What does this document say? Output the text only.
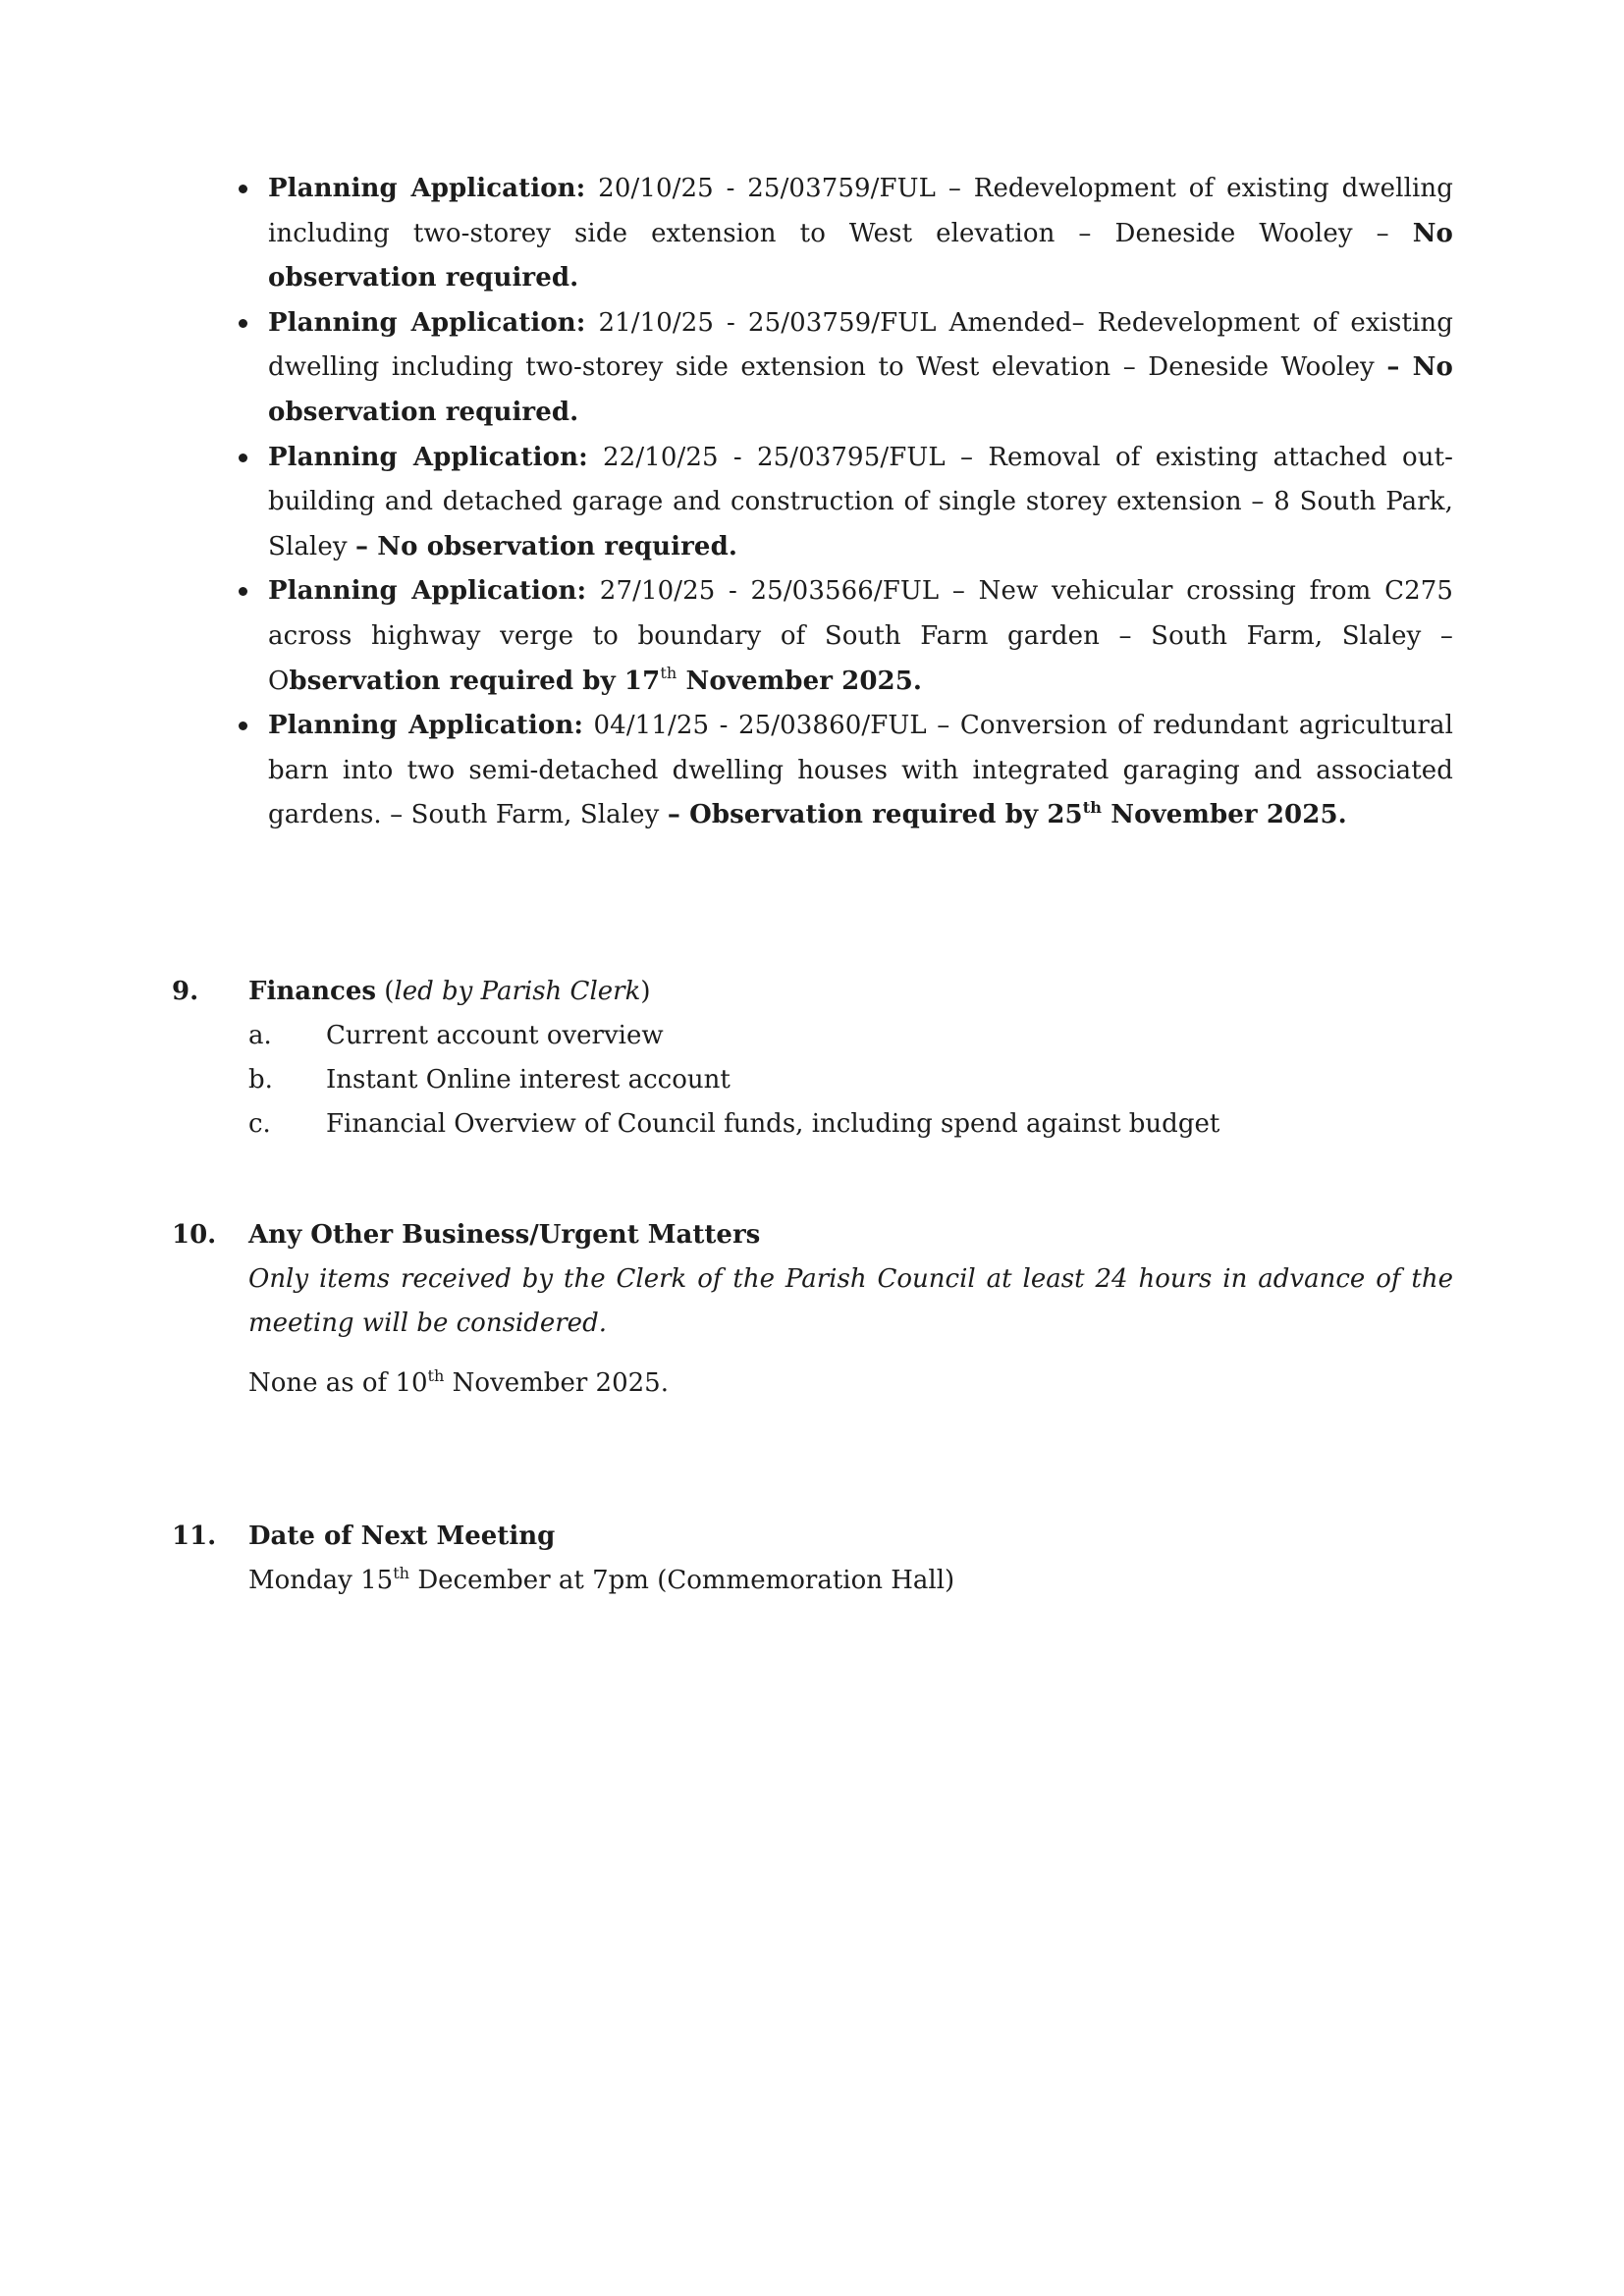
Planning Application: 20/10/25 - 25/03759/FUL – Redevelopment of existing dwelling including two-storey side extension to West elevation – Deneside Wooley – No observation required.
Planning Application: 21/10/25 - 25/03759/FUL Amended– Redevelopment of existing dwelling including two-storey side extension to West elevation – Deneside Wooley – No observation required.
Planning Application: 22/10/25 - 25/03795/FUL – Removal of existing attached out-building and detached garage and construction of single storey extension – 8 South Park, Slaley – No observation required.
Planning Application: 27/10/25 - 25/03566/FUL – New vehicular crossing from C275 across highway verge to boundary of South Farm garden – South Farm, Slaley – Observation required by 17th November 2025.
Planning Application: 04/11/25 - 25/03860/FUL – Conversion of redundant agricultural barn into two semi-detached dwelling houses with integrated garaging and associated gardens. – South Farm, Slaley – Observation required by 25th November 2025.
9. Finances (led by Parish Clerk)
a. Current account overview
b. Instant Online interest account
c. Financial Overview of Council funds, including spend against budget
10. Any Other Business/Urgent Matters
Only items received by the Clerk of the Parish Council at least 24 hours in advance of the meeting will be considered.
None as of 10th November 2025.
11. Date of Next Meeting
Monday 15th December at 7pm (Commemoration Hall)
